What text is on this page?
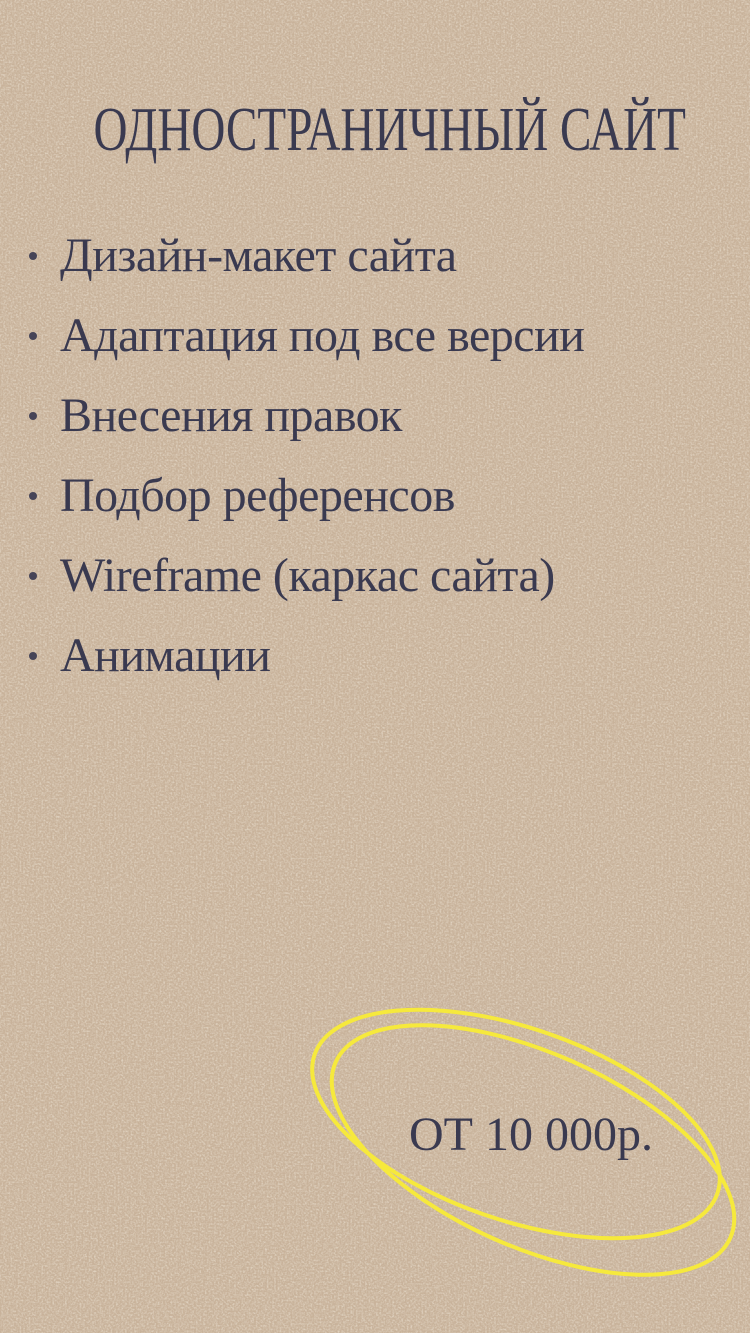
ОДНОСТРАНИЧНЫЙ САЙТ
Дизайн-макет сайта
Адаптация под все версии
Внесения правок
Подбор референсов
Wireframe (каркас сайта)
Анимации
ОТ 10 000р.
